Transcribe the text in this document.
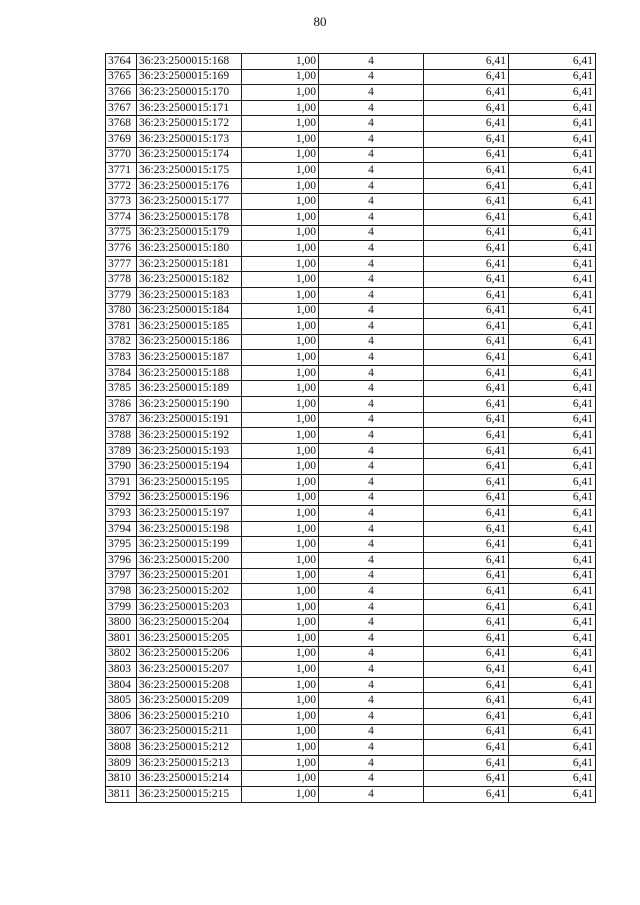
80
3764	36:23:2500015:168	1,00	4	6,41	6,41
3765	36:23:2500015:169	1,00	4	6,41	6,41
3766	36:23:2500015:170	1,00	4	6,41	6,41
3767	36:23:2500015:171	1,00	4	6,41	6,41
3768	36:23:2500015:172	1,00	4	6,41	6,41
3769	36:23:2500015:173	1,00	4	6,41	6,41
3770	36:23:2500015:174	1,00	4	6,41	6,41
3771	36:23:2500015:175	1,00	4	6,41	6,41
3772	36:23:2500015:176	1,00	4	6,41	6,41
3773	36:23:2500015:177	1,00	4	6,41	6,41
3774	36:23:2500015:178	1,00	4	6,41	6,41
3775	36:23:2500015:179	1,00	4	6,41	6,41
3776	36:23:2500015:180	1,00	4	6,41	6,41
3777	36:23:2500015:181	1,00	4	6,41	6,41
3778	36:23:2500015:182	1,00	4	6,41	6,41
3779	36:23:2500015:183	1,00	4	6,41	6,41
3780	36:23:2500015:184	1,00	4	6,41	6,41
3781	36:23:2500015:185	1,00	4	6,41	6,41
3782	36:23:2500015:186	1,00	4	6,41	6,41
3783	36:23:2500015:187	1,00	4	6,41	6,41
3784	36:23:2500015:188	1,00	4	6,41	6,41
3785	36:23:2500015:189	1,00	4	6,41	6,41
3786	36:23:2500015:190	1,00	4	6,41	6,41
3787	36:23:2500015:191	1,00	4	6,41	6,41
3788	36:23:2500015:192	1,00	4	6,41	6,41
3789	36:23:2500015:193	1,00	4	6,41	6,41
3790	36:23:2500015:194	1,00	4	6,41	6,41
3791	36:23:2500015:195	1,00	4	6,41	6,41
3792	36:23:2500015:196	1,00	4	6,41	6,41
3793	36:23:2500015:197	1,00	4	6,41	6,41
3794	36:23:2500015:198	1,00	4	6,41	6,41
3795	36:23:2500015:199	1,00	4	6,41	6,41
3796	36:23:2500015:200	1,00	4	6,41	6,41
3797	36:23:2500015:201	1,00	4	6,41	6,41
3798	36:23:2500015:202	1,00	4	6,41	6,41
3799	36:23:2500015:203	1,00	4	6,41	6,41
3800	36:23:2500015:204	1,00	4	6,41	6,41
3801	36:23:2500015:205	1,00	4	6,41	6,41
3802	36:23:2500015:206	1,00	4	6,41	6,41
3803	36:23:2500015:207	1,00	4	6,41	6,41
3804	36:23:2500015:208	1,00	4	6,41	6,41
3805	36:23:2500015:209	1,00	4	6,41	6,41
3806	36:23:2500015:210	1,00	4	6,41	6,41
3807	36:23:2500015:211	1,00	4	6,41	6,41
3808	36:23:2500015:212	1,00	4	6,41	6,41
3809	36:23:2500015:213	1,00	4	6,41	6,41
3810	36:23:2500015:214	1,00	4	6,41	6,41
3811	36:23:2500015:215	1,00	4	6,41	6,41
